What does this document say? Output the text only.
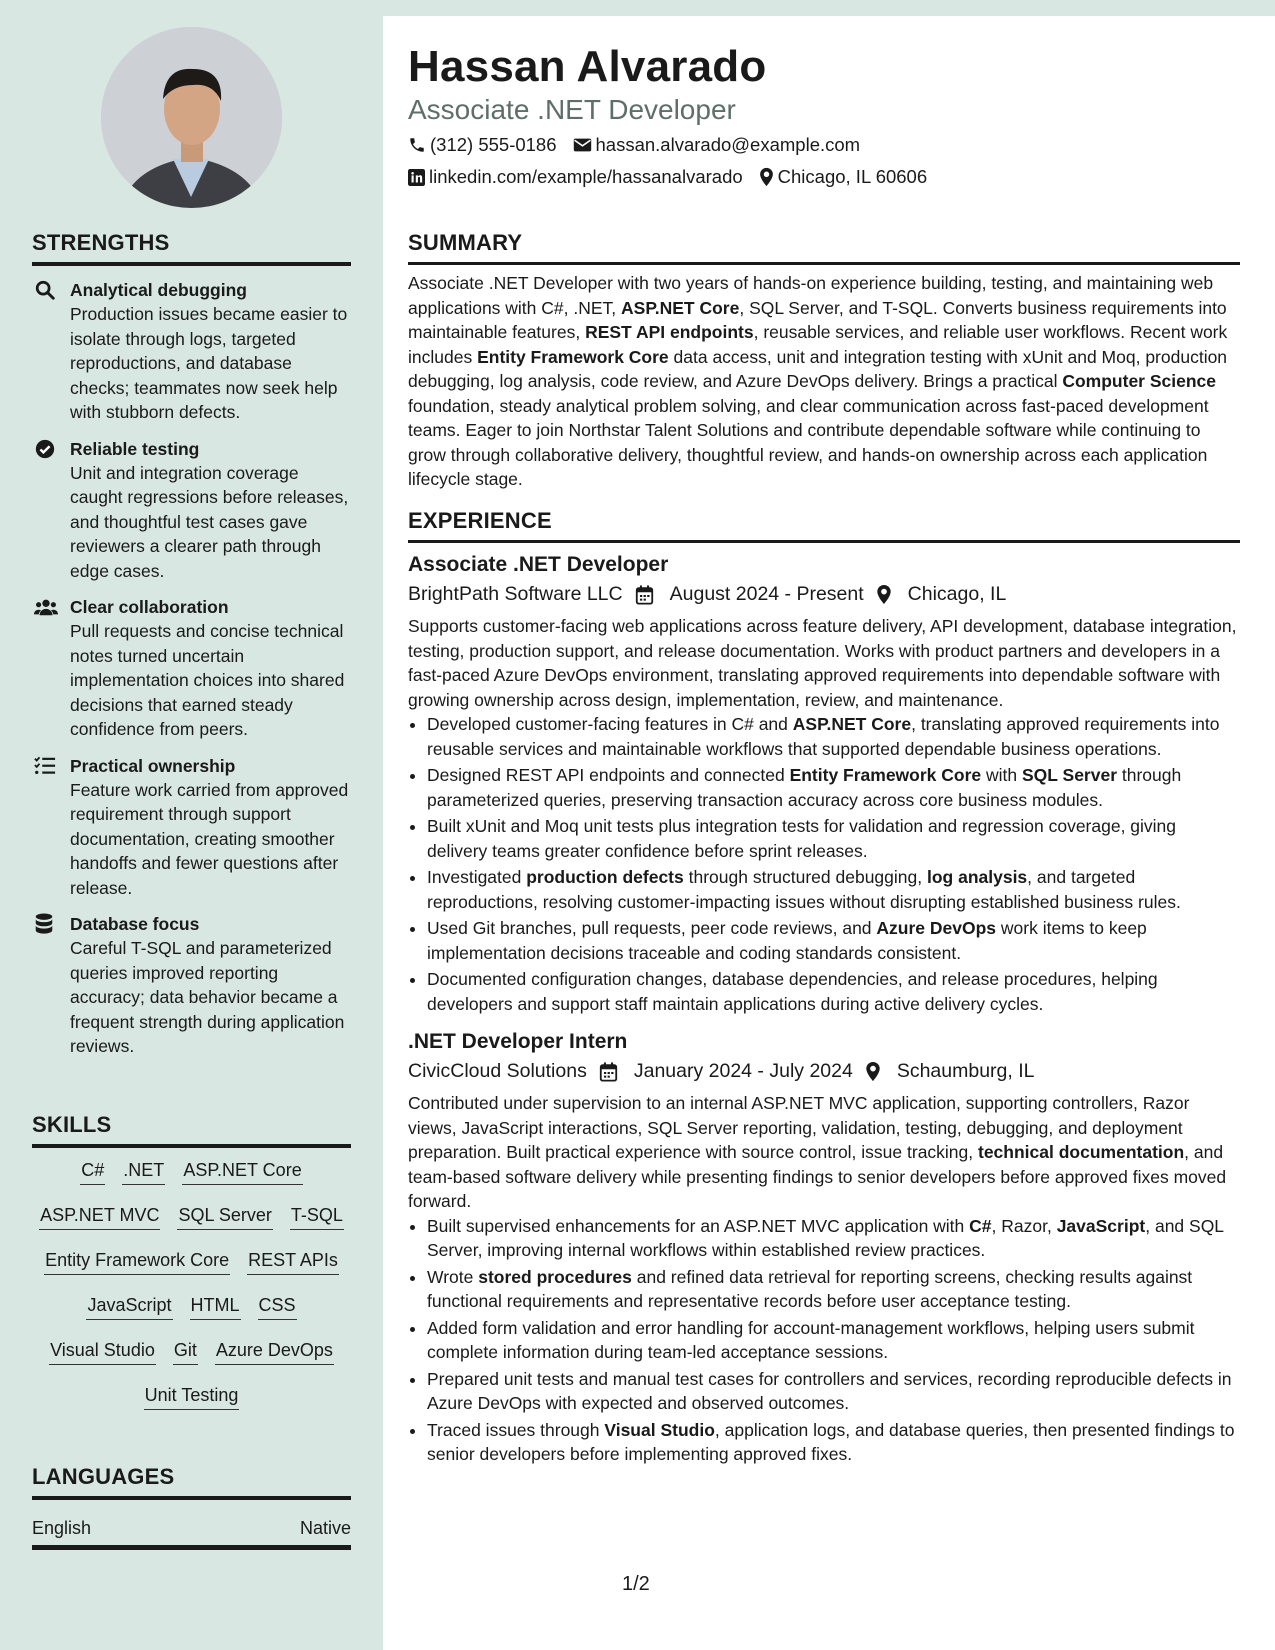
STRENGTHS
Analytical debugging
Production issues became easier to isolate through logs, targeted reproductions, and database checks; teammates now seek help with stubborn defects.
Reliable testing
Unit and integration coverage caught regressions before releases, and thoughtful test cases gave reviewers a clearer path through edge cases.
Clear collaboration
Pull requests and concise technical notes turned uncertain implementation choices into shared decisions that earned steady confidence from peers.
Practical ownership
Feature work carried from approved requirement through support documentation, creating smoother handoffs and fewer questions after release.
Database focus
Careful T-SQL and parameterized queries improved reporting accuracy; data behavior became a frequent strength during application reviews.
SKILLS
C# .NET ASP.NET Core
ASP.NET MVC SQL Server T-SQL
Entity Framework Core REST APIs
JavaScript HTML CSS
Visual Studio Git Azure DevOps
Unit Testing
LANGUAGES
English	Native
Hassan Alvarado
Associate .NET Developer
(312) 555-0186 hassan.alvarado@example.com
linkedin.com/example/hassanalvarado Chicago, IL 60606
SUMMARY

Associate .NET Developer with two years of hands-on experience building, testing, and maintaining web applications with C#, .NET, ASP.NET Core, SQL Server, and T-SQL. Converts business requirements into maintainable features, REST API endpoints, reusable services, and reliable user workflows. Recent work includes Entity Framework Core data access, unit and integration testing with xUnit and Moq, production debugging, log analysis, code review, and Azure DevOps delivery. Brings a practical Computer Science foundation, steady analytical problem solving, and clear communication across fast-paced development teams. Eager to join Northstar Talent Solutions and contribute dependable software while continuing to grow through collaborative delivery, thoughtful review, and hands-on ownership across each application lifecycle stage.

EXPERIENCE
Associate .NET Developer
BrightPath Software LLC August 2024 - Present Chicago, IL

Supports customer-facing web applications across feature delivery, API development, database integration, testing, production support, and release documentation. Works with product partners and developers in a fast-paced Azure DevOps environment, translating approved requirements into dependable software with growing ownership across design, implementation, review, and maintenance.

• Developed customer-facing features in C# and ASP.NET Core, translating approved requirements into reusable services and maintainable workflows that supported dependable business operations.
• Designed REST API endpoints and connected Entity Framework Core with SQL Server through parameterized queries, preserving transaction accuracy across core business modules.
• Built xUnit and Moq unit tests plus integration tests for validation and regression coverage, giving delivery teams greater confidence before sprint releases.
• Investigated production defects through structured debugging, log analysis, and targeted reproductions, resolving customer-impacting issues without disrupting established business rules.
• Used Git branches, pull requests, peer code reviews, and Azure DevOps work items to keep implementation decisions traceable and coding standards consistent.
• Documented configuration changes, database dependencies, and release procedures, helping developers and support staff maintain applications during active delivery cycles.
.NET Developer Intern
CivicCloud Solutions January 2024 - July 2024 Schaumburg, IL

Contributed under supervision to an internal ASP.NET MVC application, supporting controllers, Razor views, JavaScript interactions, SQL Server reporting, validation, testing, debugging, and deployment preparation. Built practical experience with source control, issue tracking, technical documentation, and team-based software delivery while presenting findings to senior developers before approved fixes moved forward.

• Built supervised enhancements for an ASP.NET MVC application with C#, Razor, JavaScript, and SQL Server, improving internal workflows within established review practices.
• Wrote stored procedures and refined data retrieval for reporting screens, checking results against functional requirements and representative records before user acceptance testing.
• Added form validation and error handling for account-management workflows, helping users submit complete information during team-led acceptance sessions.
• Prepared unit tests and manual test cases for controllers and services, recording reproducible defects in Azure DevOps with expected and observed outcomes.
• Traced issues through Visual Studio, application logs, and database queries, then presented findings to senior developers before implementing approved fixes.
1/2
